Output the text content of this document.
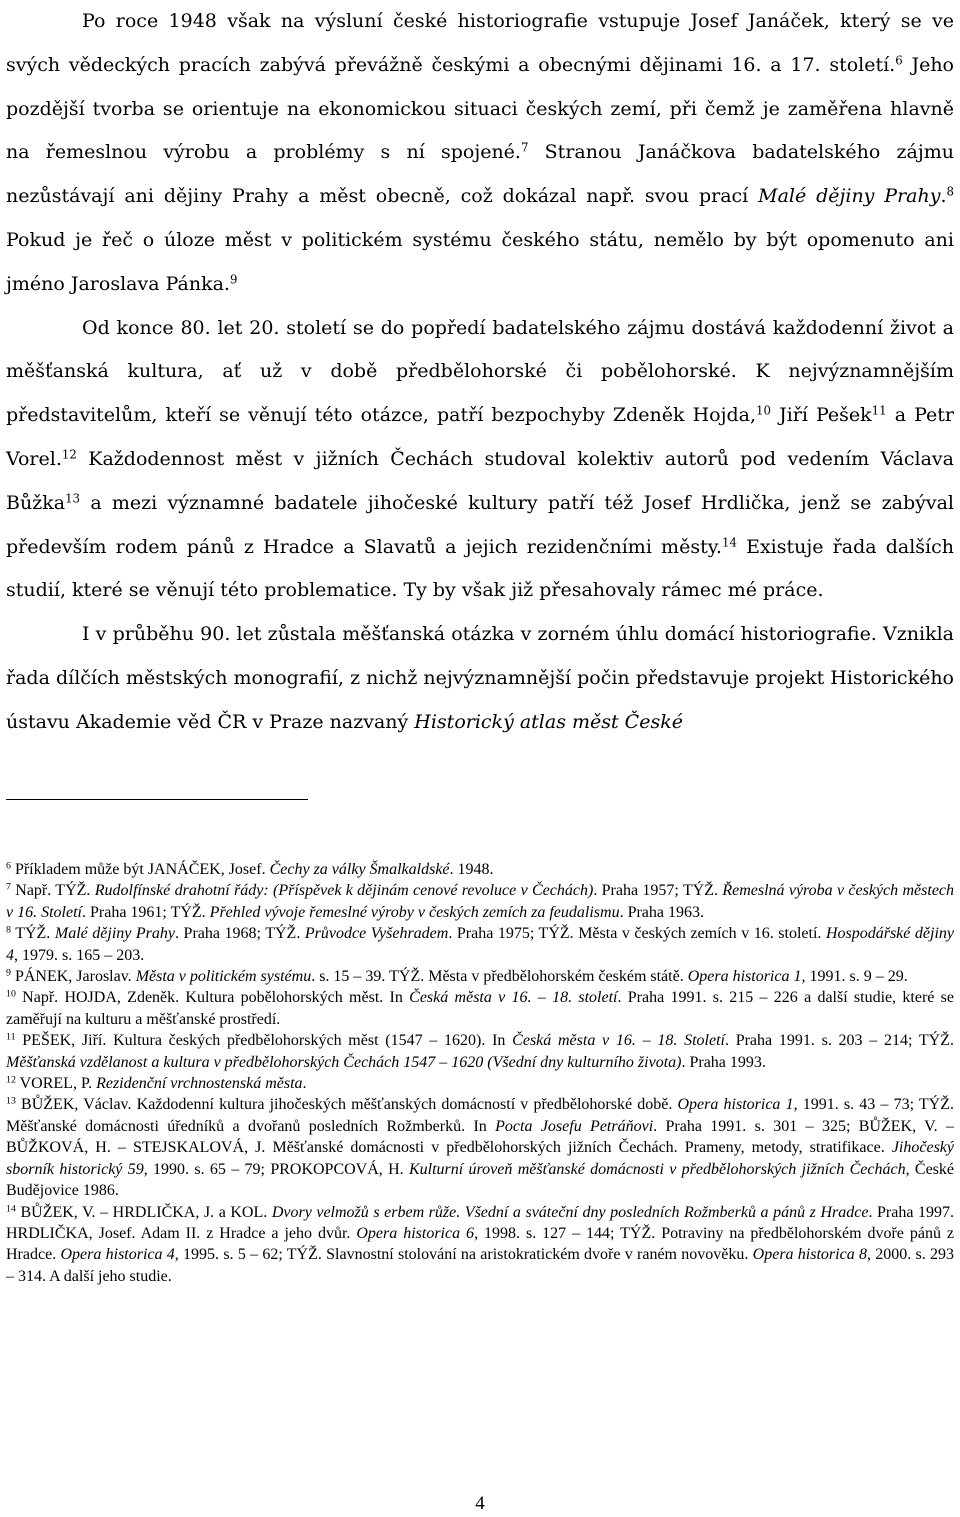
Po roce 1948 však na výsluní české historiografie vstupuje Josef Janáček, který se ve svých vědeckých pracích zabývá převážně českými a obecnými dějinami 16. a 17. století.$^6$ Jeho pozdější tvorba se orientuje na ekonomickou situaci českých zemí, při čemž je zaměřena hlavně na řemeslnou výrobu a problémy s ní spojené.$^7$ Stranou Janáčkova badatelského zájmu nezůstávají ani dějiny Prahy a měst obecně, což dokázal např. svou prací Malé dějiny Prahy.$^8$ Pokud je řeč o úloze měst v politickém systému českého státu, nemělo by být opomenuto ani jméno Jaroslava Pánka.$^9$

Od konce 80. let 20. století se do popředí badatelského zájmu dostává každodenní život a měšťanská kultura, ať už v době předbělohorské či pobělohorské. K nejvýznamnějším představitelům, kteří se věnují této otázce, patří bezpochyby Zdeněk Hojda,$^{10}$ Jiří Pešek$^{11}$ a Petr Vorel.$^{12}$ Každodennost měst v jižních Čechách studoval kolektiv autorů pod vedením Václava Bůžka$^{13}$ a mezi významné badatele jihočeské kultury patří též Josef Hrdlička, jenž se zabýval především rodem pánů z Hradce a Slavatů a jejich rezidenčními městy.$^{14}$ Existuje řada dalších studií, které se věnují této problematice. Ty by však již přesahovaly rámec mé práce.

I v průběhu 90. let zůstala měšťanská otázka v zorném úhlu domácí historiografie. Vznikla řada dílčích městských monografií, z nichž nejvýznamnější počin představuje projekt Historického ústavu Akademie věd ČR v Praze nazvaný Historický atlas měst České

$^6$ Příkladem může být JANÁČEK, Josef. Čechy za války Šmalkaldské. 1948.

$^7$ Např. TÝŽ. Rudolfínské drahotní řády: (Příspěvek k dějinám cenové revoluce v Čechách). Praha 1957; TÝŽ. Řemeslná výroba v českých městech v 16. Století. Praha 1961; TÝŽ. Přehled vývoje řemeslné výroby v českých zemích za feudalismu. Praha 1963.

$^8$ TÝŽ. Malé dějiny Prahy. Praha 1968; TÝŽ. Průvodce Vyšehradem. Praha 1975; TÝŽ. Města v českých zemích v 16. století. Hospodářské dějiny 4, 1979. s. 165 – 203.

$^9$ PÁNEK, Jaroslav. Města v politickém systému. s. 15 – 39. TÝŽ. Města v předbělohorském českém státě. Opera historica 1, 1991. s. 9 – 29.

$^{10}$ Např. HOJDA, Zdeněk. Kultura pobělohorských měst. In Česká města v 16. – 18. století. Praha 1991. s. 215 – 226 a další studie, které se zaměřují na kulturu a měšťanské prostředí.

$^{11}$ PEŠEK, Jiří. Kultura českých předbělohorských měst (1547 – 1620). In Česká města v 16. – 18. Století. Praha 1991. s. 203 – 214; TÝŽ. Měšťanská vzdělanost a kultura v předbělohorských Čechách 1547 – 1620 (Všední dny kulturního života). Praha 1993.

$^{12}$ VOREL, P. Rezidenční vrchnostenská města.

$^{13}$ BŮŽEK, Václav. Každodenní kultura jihočeských měšťanských domácností v předbělohorské době. Opera historica 1, 1991. s. 43 – 73; TÝŽ. Měšťanské domácnosti úředníků a dvořanů posledních Rožmberků. In Pocta Josefu Petráňovi. Praha 1991. s. 301 – 325; BŮŽEK, V. – BŮŽKOVÁ, H. – STEJSKALOVÁ, J. Měšťanské domácnosti v předbělohorských jižních Čechách. Prameny, metody, stratifikace. Jihočeský sborník historický 59, 1990. s. 65 – 79; PROKOPCOVÁ, H. Kulturní úroveň měšťanské domácnosti v předbělohorských jižních Čechách, České Budějovice 1986.

$^{14}$ BŮŽEK, V. – HRDLIČKA, J. a KOL. Dvory velmožů s erbem růže. Všední a sváteční dny posledních Rožmberků a pánů z Hradce. Praha 1997. HRDLIČKA, Josef. Adam II. z Hradce a jeho dvůr. Opera historica 6, 1998. s. 127 – 144; TÝŽ. Potraviny na předbělohorském dvoře pánů z Hradce. Opera historica 4, 1995. s. 5 – 62; TÝŽ. Slavnostní stolování na aristokratickém dvoře v raném novověku. Opera historica 8, 2000. s. 293 – 314. A další jeho studie.

4
